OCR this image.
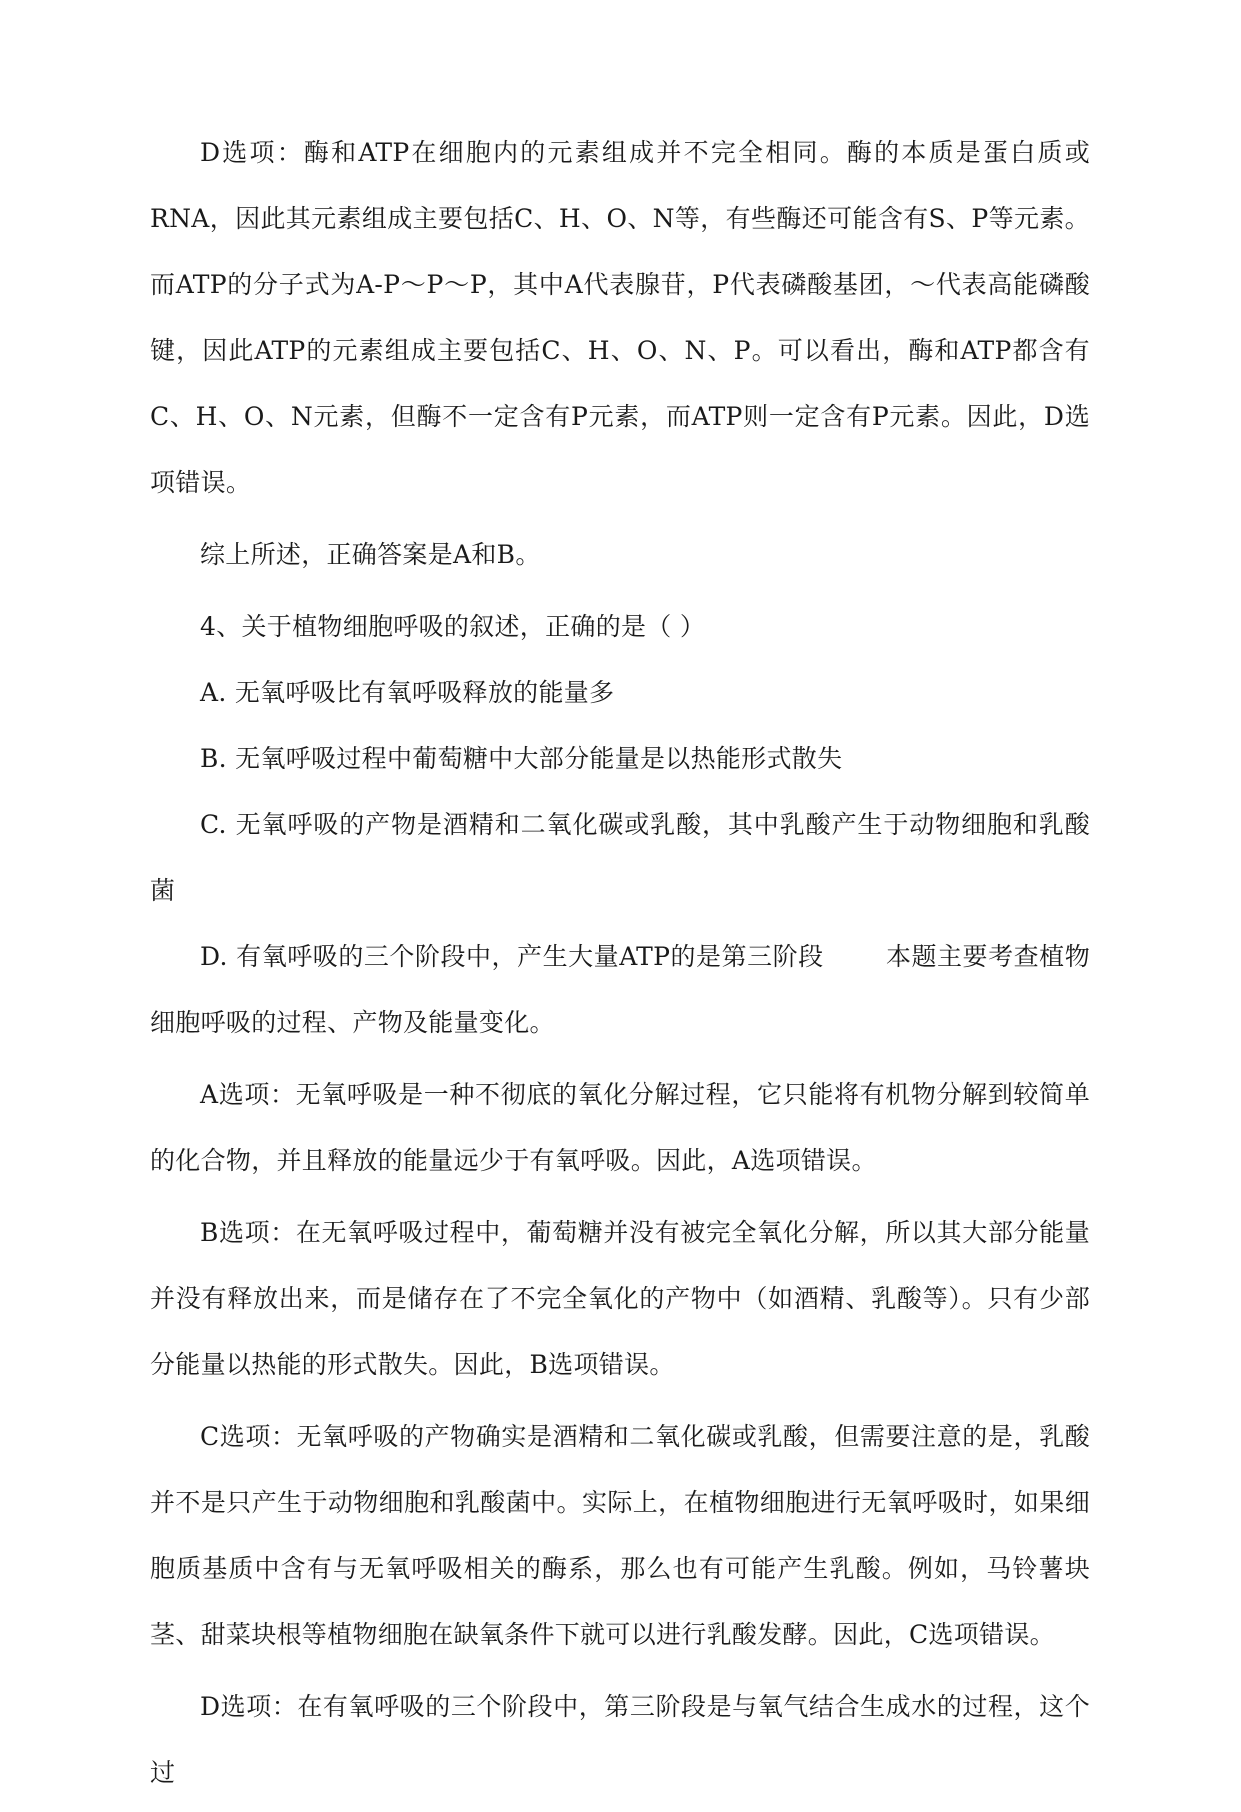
D选项：酶和ATP在细胞内的元素组成并不完全相同。酶的本质是蛋白质或RNA，因此其元素组成主要包括C、H、O、N等，有些酶还可能含有S、P等元素。而ATP的分子式为A-P～P～P，其中A代表腺苷，P代表磷酸基团，～代表高能磷酸键，因此ATP的元素组成主要包括C、H、O、N、P。可以看出，酶和ATP都含有C、H、O、N元素，但酶不一定含有P元素，而ATP则一定含有P元素。因此，D选项错误。

综上所述，正确答案是A和B。

4、关于植物细胞呼吸的叙述，正确的是（ ）

A. 无氧呼吸比有氧呼吸释放的能量多

B. 无氧呼吸过程中葡萄糖中大部分能量是以热能形式散失

C. 无氧呼吸的产物是酒精和二氧化碳或乳酸，其中乳酸产生于动物细胞和乳酸菌

D. 有氧呼吸的三个阶段中，产生大量ATP的是第三阶段 本题主要考查植物细胞呼吸的过程、产物及能量变化。

A选项：无氧呼吸是一种不彻底的氧化分解过程，它只能将有机物分解到较简单的化合物，并且释放的能量远少于有氧呼吸。因此，A选项错误。

B选项：在无氧呼吸过程中，葡萄糖并没有被完全氧化分解，所以其大部分能量并没有释放出来，而是储存在了不完全氧化的产物中（如酒精、乳酸等）。只有少部分能量以热能的形式散失。因此，B选项错误。

C选项：无氧呼吸的产物确实是酒精和二氧化碳或乳酸，但需要注意的是，乳酸并不是只产生于动物细胞和乳酸菌中。实际上，在植物细胞进行无氧呼吸时，如果细胞质基质中含有与无氧呼吸相关的酶系，那么也有可能产生乳酸。例如，马铃薯块茎、甜菜块根等植物细胞在缺氧条件下就可以进行乳酸发酵。因此，C选项错误。

D选项：在有氧呼吸的三个阶段中，第三阶段是与氧气结合生成水的过程，这个过
